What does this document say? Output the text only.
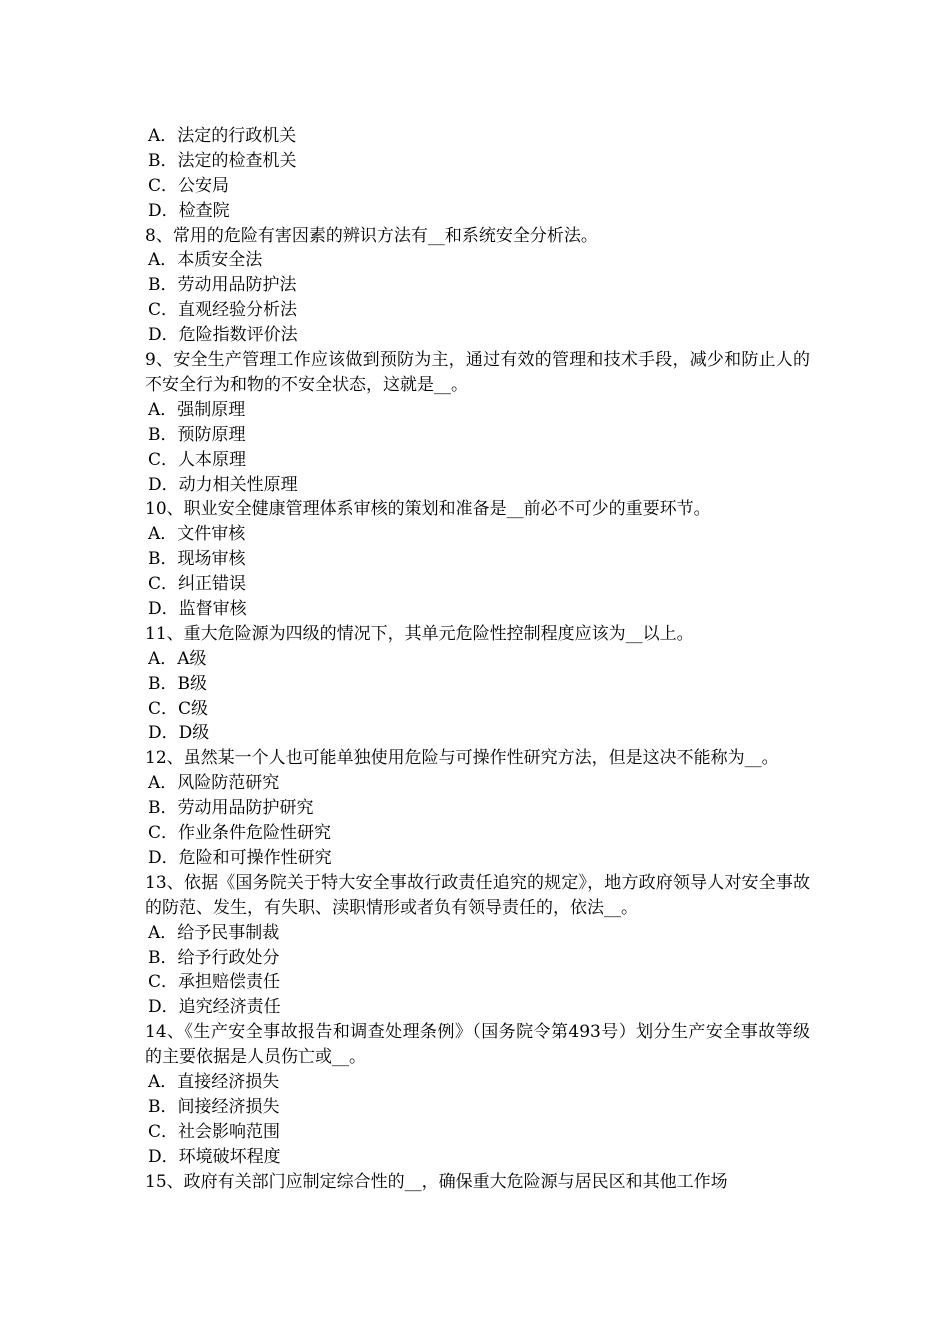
A．法定的行政机关
B．法定的检查机关
C．公安局
D．检查院
8、常用的危险有害因素的辨识方法有__和系统安全分析法。
A．本质安全法
B．劳动用品防护法
C．直观经验分析法
D．危险指数评价法
9、安全生产管理工作应该做到预防为主，通过有效的管理和技术手段，减少和防止人的不安全行为和物的不安全状态，这就是__。
A．强制原理
B．预防原理
C．人本原理
D．动力相关性原理
10、职业安全健康管理体系审核的策划和准备是__前必不可少的重要环节。
A．文件审核
B．现场审核
C．纠正错误
D．监督审核
11、重大危险源为四级的情况下，其单元危险性控制程度应该为__以上。
A．A级
B．B级
C．C级
D．D级
12、虽然某一个人也可能单独使用危险与可操作性研究方法，但是这决不能称为__。
A．风险防范研究
B．劳动用品防护研究
C．作业条件危险性研究
D．危险和可操作性研究
13、依据《国务院关于特大安全事故行政责任追究的规定》，地方政府领导人对安全事故的防范、发生，有失职、渎职情形或者负有领导责任的，依法__。
A．给予民事制裁
B．给予行政处分
C．承担赔偿责任
D．追究经济责任
14、《生产安全事故报告和调查处理条例》（国务院令第493号）划分生产安全事故等级的主要依据是人员伤亡或__。
A．直接经济损失
B．间接经济损失
C．社会影响范围
D．环境破坏程度
15、政府有关部门应制定综合性的__，确保重大危险源与居民区和其他工作场
